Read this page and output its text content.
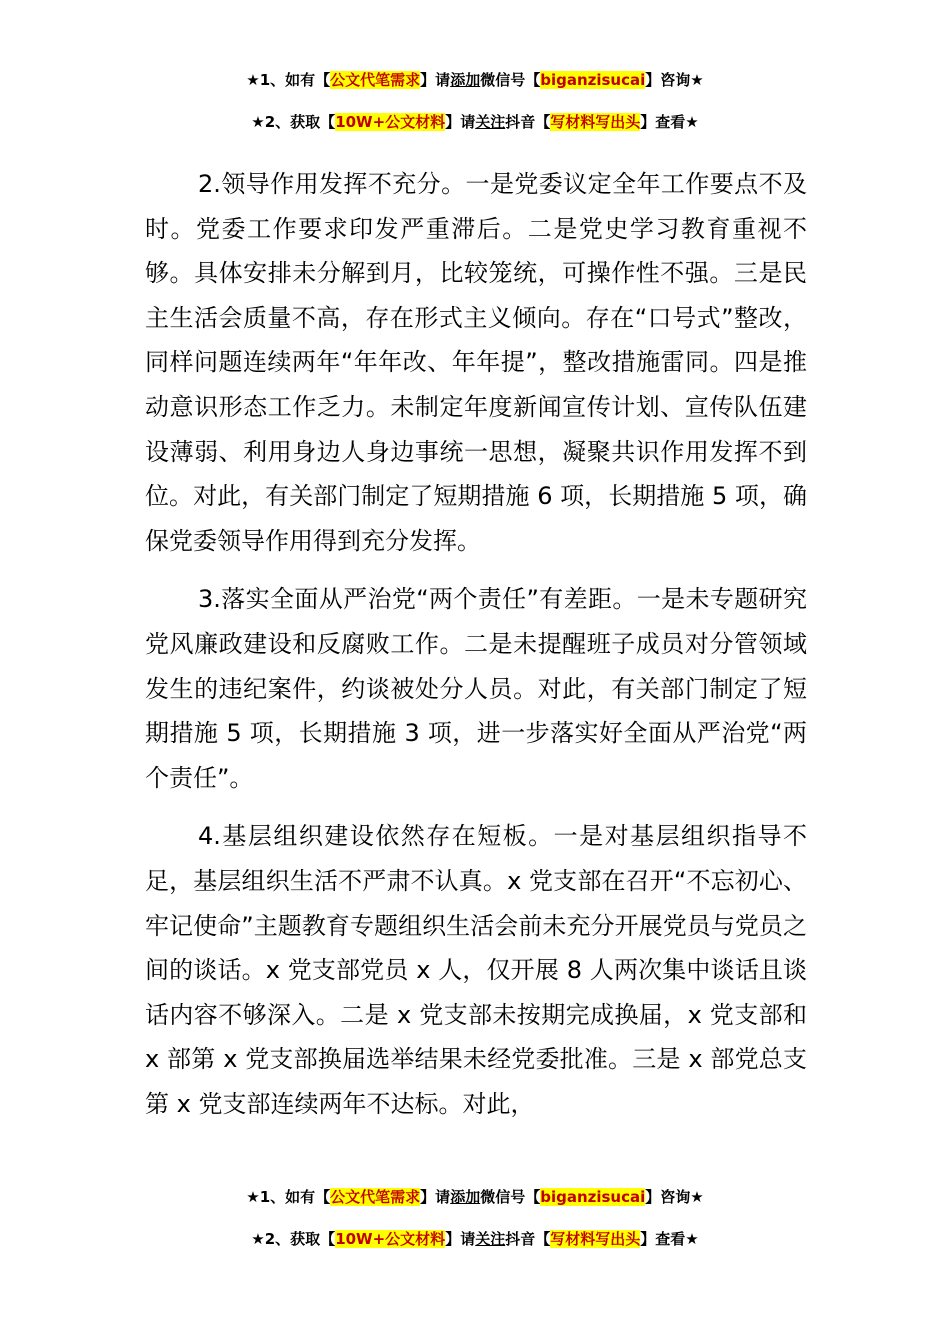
★1、如有【公文代笔需求】请添加微信号【biganzisucai】咨询★
★2、获取【10W+公文材料】请关注抖音【写材料写出头】查看★

2.领导作用发挥不充分。一是党委议定全年工作要点不及时。党委工作要求印发严重滞后。二是党史学习教育重视不够。具体安排未分解到月，比较笼统，可操作性不强。三是民主生活会质量不高，存在形式主义倾向。存在“口号式”整改，同样问题连续两年“年年改、年年提”，整改措施雷同。四是推动意识形态工作乏力。未制定年度新闻宣传计划、宣传队伍建设薄弱、利用身边人身边事统一思想，凝聚共识作用发挥不到位。对此，有关部门制定了短期措施 6 项，长期措施 5 项，确保党委领导作用得到充分发挥。

3.落实全面从严治党“两个责任”有差距。一是未专题研究党风廉政建设和反腐败工作。二是未提醒班子成员对分管领域发生的违纪案件，约谈被处分人员。对此，有关部门制定了短期措施 5 项，长期措施 3 项，进一步落实好全面从严治党“两个责任”。

4.基层组织建设依然存在短板。一是对基层组织指导不足，基层组织生活不严肃不认真。x 党支部在召开“不忘初心、牢记使命”主题教育专题组织生活会前未充分开展党员与党员之间的谈话。x 党支部党员 x 人，仅开展 8 人两次集中谈话且谈话内容不够深入。二是 x 党支部未按期完成换届，x 党支部和 x 部第 x 党支部换届选举结果未经党委批准。三是 x 部党总支第 x 党支部连续两年不达标。对此，

★1、如有【公文代笔需求】请添加微信号【biganzisucai】咨询★
★2、获取【10W+公文材料】请关注抖音【写材料写出头】查看★
